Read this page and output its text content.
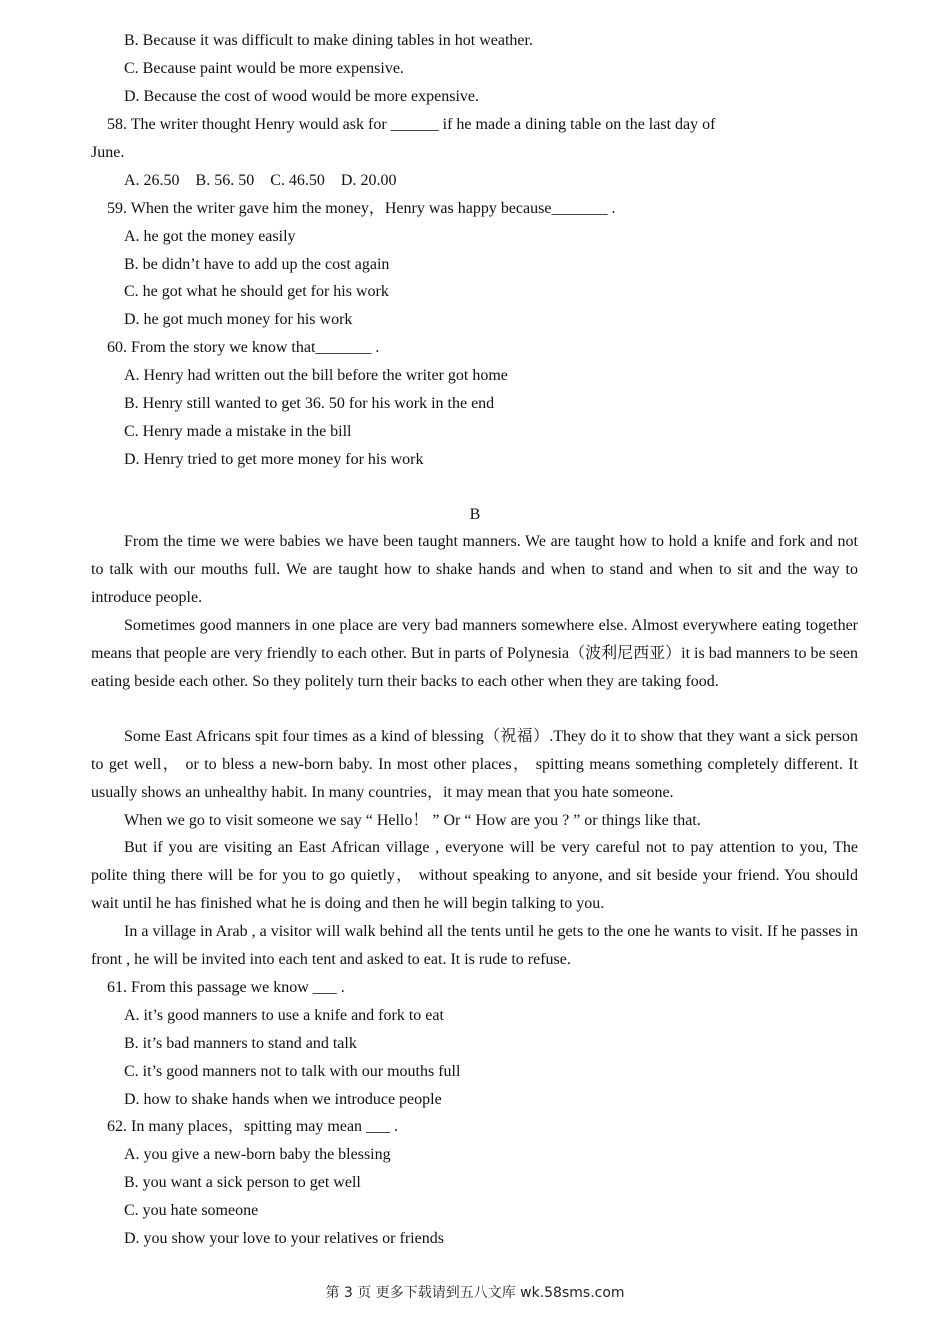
B. Because it was difficult to make dining tables in hot weather.
C. Because paint would be more expensive.
D. Because the cost of wood would be more expensive.
58. The writer thought Henry would ask for ______ if he made a dining table on the last day of
June.
A. 26.50    B. 56. 50    C. 46.50    D. 20.00
59. When the writer gave him the money，Henry was happy because_______ .
A. he got the money easily
B. be didn’t have to add up the cost again
C. he got what he should get for his work
D. he got much money for his work
60. From the story we know that_______ .
A. Henry had written out the bill before the writer got home
B. Henry still wanted to get 36. 50 for his work in the end
C. Henry made a mistake in the bill
D. Henry tried to get more money for his work
B
From the time we were babies we have been taught manners. We are taught how to hold a knife and fork and not to talk with our mouths full. We are taught how to shake hands and when to stand and when to sit and the way to introduce people.
Sometimes good manners in one place are very bad manners somewhere else. Almost everywhere eating together means that people are very friendly to each other. But in parts of Polynesia（波利尼西亚）it is bad manners to be seen eating beside each other. So they politely turn their backs to each other when they are taking food.
Some East Africans spit four times as a kind of blessing（祝福）.They do it to show that they want a sick person to get well， or to bless a new-born baby. In most other places， spitting means something completely different. It usually shows an unhealthy habit. In many countries，it may mean that you hate someone.
When we go to visit someone we say “ Hello！ ” Or “ How are you ? ” or things like that.
But if you are visiting an East African village , everyone will be very careful not to pay attention to you, The polite thing there will be for you to go quietly， without speaking to anyone, and sit beside your friend. You should wait until he has finished what he is doing and then he will begin talking to you.
In a village in Arab , a visitor will walk behind all the tents until he gets to the one he wants to visit. If he passes in front , he will be invited into each tent and asked to eat. It is rude to refuse.
61. From this passage we know ___ .
A. it’s good manners to use a knife and fork to eat
B. it’s bad manners to stand and talk
C. it’s good manners not to talk with our mouths full
D. how to shake hands when we introduce people
62. In many places，spitting may mean ___ .
A. you give a new-born baby the blessing
B. you want a sick person to get well
C. you hate someone
D. you show your love to your relatives or friends
第 3 页 更多下载请到五八文库 wk.58sms.com
